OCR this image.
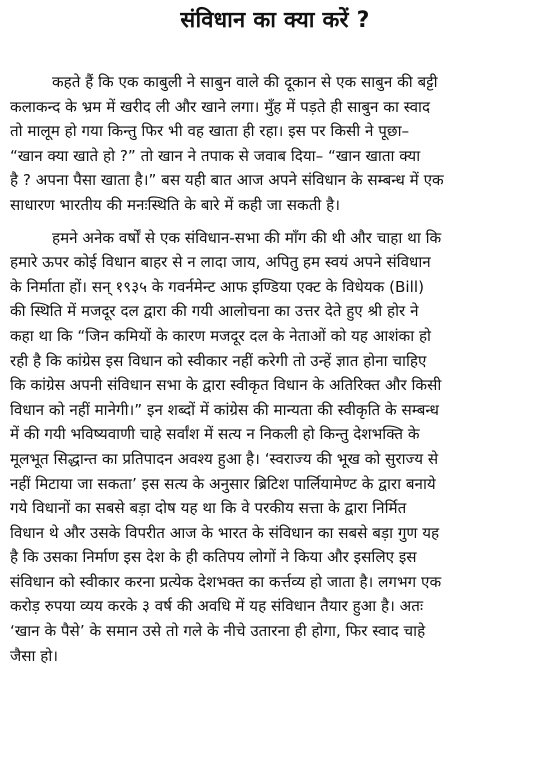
संविधान का क्या करें ?

कहते हैं कि एक काबुली ने साबुन वाले की दूकान से एक साबुन की बट्टी
कलाकन्द के भ्रम में खरीद ली और खाने लगा। मुँह में पड़ते ही साबुन का स्वाद
तो मालूम हो गया किन्तु फिर भी वह खाता ही रहा। इस पर किसी ने पूछा–
“खान क्या खाते हो ?” तो खान ने तपाक से जवाब दिया– “खान खाता क्या
है ? अपना पैसा खाता है।” बस यही बात आज अपने संविधान के सम्बन्ध में एक
साधारण भारतीय की मनःस्थिति के बारे में कही जा सकती है।

हमने अनेक वर्षों से एक संविधान-सभा की माँग की थी और चाहा था कि
हमारे ऊपर कोई विधान बाहर से न लादा जाय, अपितु हम स्वयं अपने संविधान
के निर्माता हों। सन् १९३५ के गवर्नमेन्ट आफ इण्डिया एक्ट के विधेयक (Bill)
की स्थिति में मजदूर दल द्वारा की गयी आलोचना का उत्तर देते हुए श्री होर ने
कहा था कि “जिन कमियों के कारण मजदूर दल के नेताओं को यह आशंका हो
रही है कि कांग्रेस इस विधान को स्वीकार नहीं करेगी तो उन्हें ज्ञात होना चाहिए
कि कांग्रेस अपनी संविधान सभा के द्वारा स्वीकृत विधान के अतिरिक्त और किसी
विधान को नहीं मानेगी।” इन शब्दों में कांग्रेस की मान्यता की स्वीकृति के सम्बन्ध
में की गयी भविष्यवाणी चाहे सर्वांश में सत्य न निकली हो किन्तु देशभक्ति के
मूलभूत सिद्धान्त का प्रतिपादन अवश्य हुआ है। ‘स्वराज्य की भूख को सुराज्य से
नहीं मिटाया जा सकता’ इस सत्य के अनुसार ब्रिटिश पार्लियामेण्ट के द्वारा बनाये
गये विधानों का सबसे बड़ा दोष यह था कि वे परकीय सत्ता के द्वारा निर्मित
विधान थे और उसके विपरीत आज के भारत के संविधान का सबसे बड़ा गुण यह
है कि उसका निर्माण इस देश के ही कतिपय लोगों ने किया और इसलिए इस
संविधान को स्वीकार करना प्रत्येक देशभक्त का कर्त्तव्य हो जाता है। लगभग एक
करोड़ रुपया व्यय करके ३ वर्ष की अवधि में यह संविधान तैयार हुआ है। अतः
‘खान के पैसे’ के समान उसे तो गले के नीचे उतारना ही होगा, फिर स्वाद चाहे
जैसा हो।
